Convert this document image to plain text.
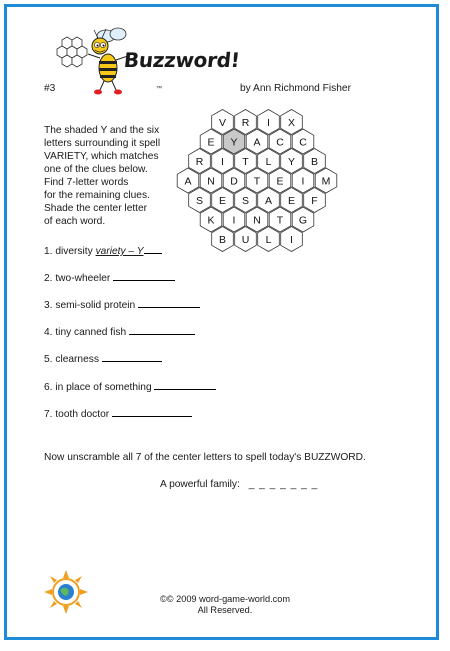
Buzzword!
™
#3	by Ann Richmond Fisher
The shaded Y and the six
letters surrounding it spell
VARIETY, which matches
one of the clues below.
Find 7-letter words
for the remaining clues.
Shade the center letter
of each word.
V R I X
E Y A C C
R I T L Y B
A N D T E I M
S E S A E F
K I N T G
B U L I
1. diversity variety – Y
2. two-wheeler
3. semi-solid protein
4. tiny canned fish
5. clearness
6. in place of something
7. tooth doctor
Now unscramble all 7 of the center letters to spell today's BUZZWORD.
A powerful family: _ _ _ _ _ _ _
©© 2009 word-game-world.com
All Reserved.
